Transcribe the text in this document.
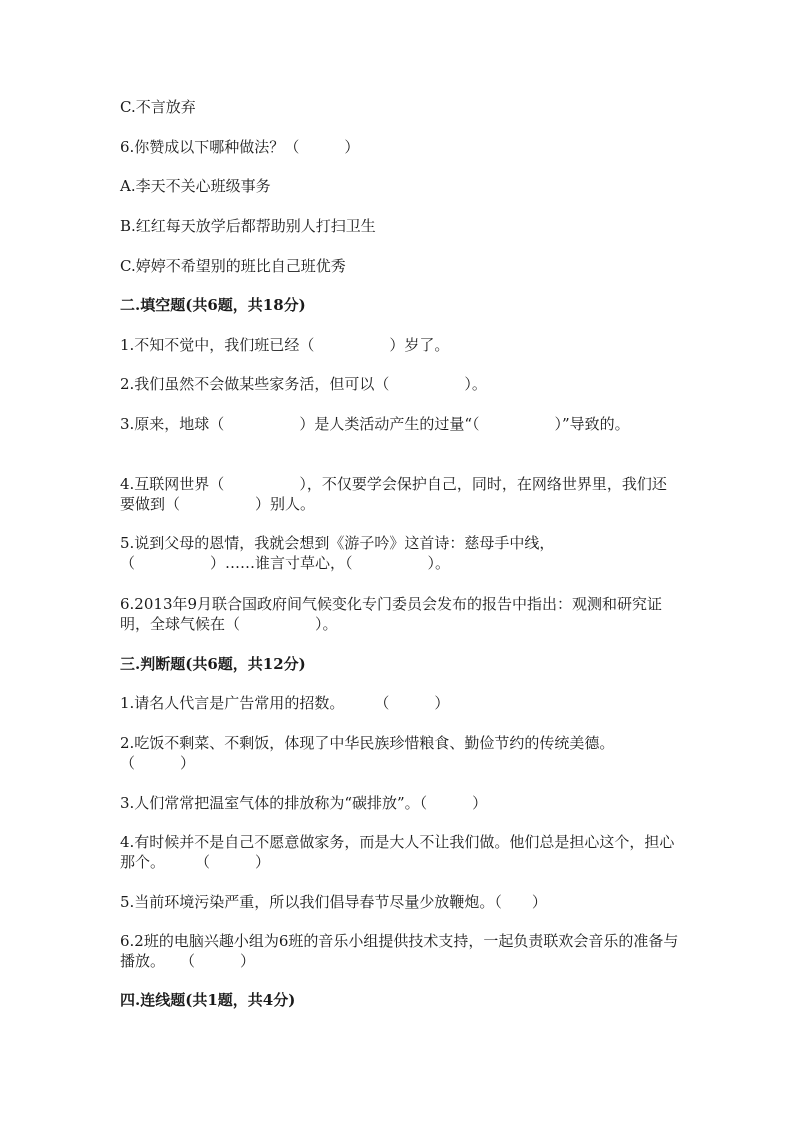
C.不言放弃

6.你赞成以下哪种做法？（　　　）

A.李天不关心班级事务

B.红红每天放学后都帮助别人打扫卫生

C.婷婷不希望别的班比自己班优秀

二.填空题(共6题，共18分)

1.不知不觉中，我们班已经（　　　　　）岁了。

2.我们虽然不会做某些家务活，但可以（　　　　　）。

3.原来，地球（　　　　　）是人类活动产生的过量“（　　　　　）”导致的。

4.互联网世界（　　　　　），不仅要学会保护自己，同时，在网络世界里，我们还要做到（　　　　　）别人。

5.说到父母的恩情，我就会想到《游子吟》这首诗：慈母手中线，（　　　　　）……谁言寸草心，（　　　　　）。

6.2013年9月联合国政府间气候变化专门委员会发布的报告中指出：观测和研究证明，全球气候在（　　　　　）。

三.判断题(共6题，共12分)

1.请名人代言是广告常用的招数。　　　（　　　）

2.吃饭不剩菜、不剩饭，体现了中华民族珍惜粮食、勤俭节约的传统美德。　　（　　　）

3.人们常常把温室气体的排放称为“碳排放”。（　　　）

4.有时候并不是自己不愿意做家务，而是大人不让我们做。他们总是担心这个，担心那个。　　　（　　　）

5.当前环境污染严重，所以我们倡导春节尽量少放鞭炮。（　　）

6.2班的电脑兴趣小组为6班的音乐小组提供技术支持，一起负责联欢会音乐的准备与播放。　　（　　　）

四.连线题(共1题，共4分)
